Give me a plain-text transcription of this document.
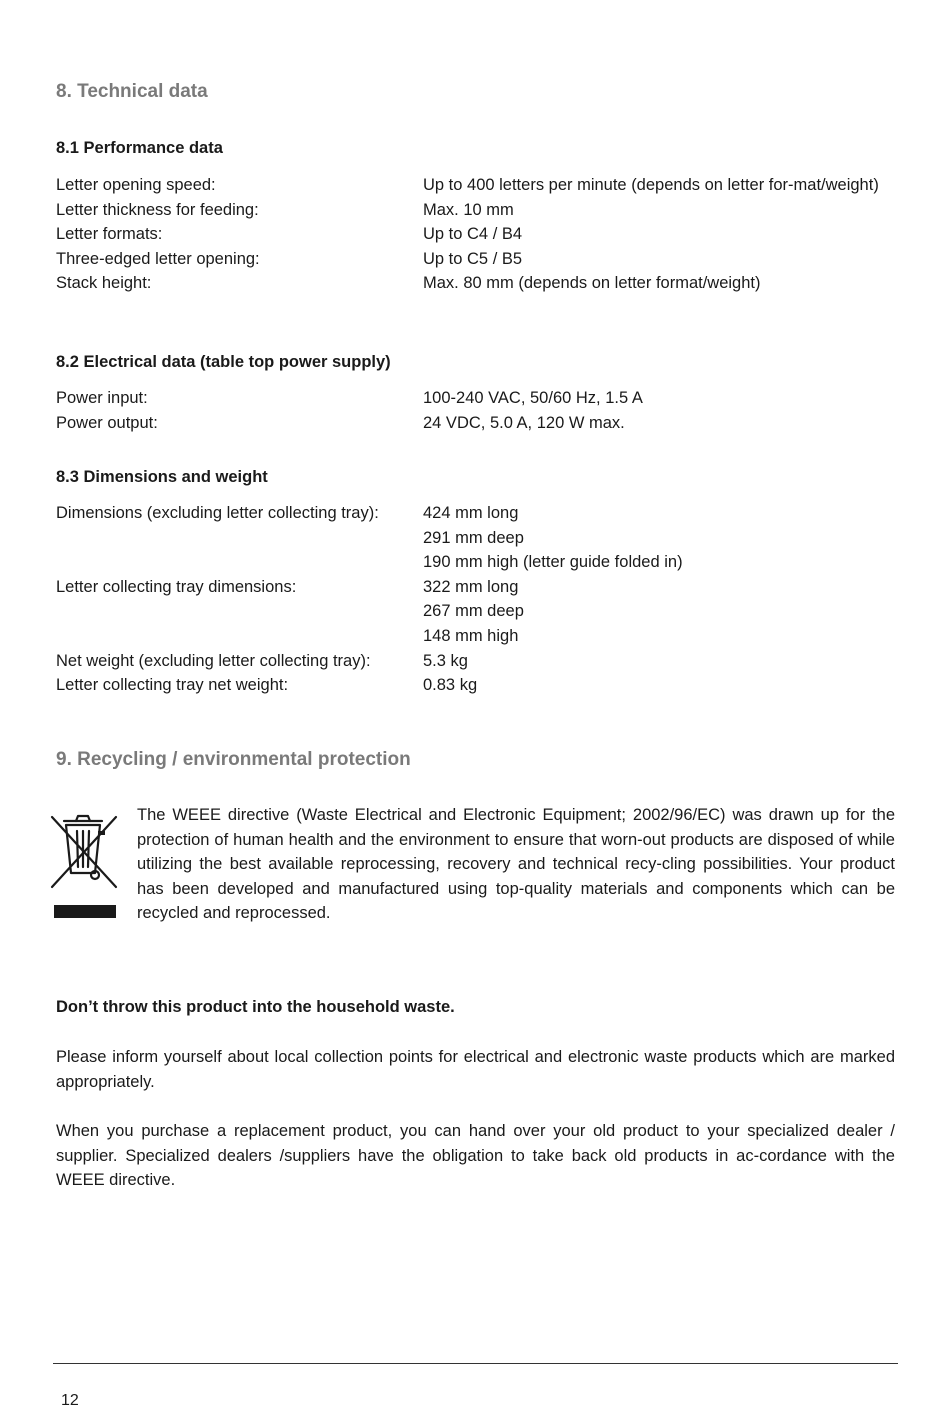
8. Technical data
8.1 Performance data
Letter opening speed:	Up to 400 letters per minute (depends on letter for-mat/weight)
Letter thickness for feeding:	Max. 10 mm
Letter formats:	Up to C4 / B4
Three-edged letter opening:	Up to C5 / B5
Stack height:	Max. 80 mm (depends on letter format/weight)
8.2 Electrical data (table top power supply)
Power input:	100-240 VAC, 50/60 Hz, 1.5 A
Power output:	24 VDC, 5.0 A, 120 W max.
8.3 Dimensions and weight
Dimensions (excluding letter collecting tray):	424 mm long
	291 mm deep
	190 mm high (letter guide folded in)
Letter collecting tray dimensions:	322 mm long
	267 mm deep
	148 mm high
Net weight (excluding letter collecting tray):	5.3 kg
Letter collecting tray net weight:	0.83 kg
9. Recycling / environmental protection

The WEEE directive (Waste Electrical and Electronic Equipment; 2002/96/EC) was drawn up for the protection of human health and the environment to ensure that worn-out products are disposed of while utilizing the best available reprocessing, recovery and technical recy-cling possibilities. Your product has been developed and manufactured using top-quality materials and components which can be recycled and reprocessed.

Don’t throw this product into the household waste.

Please inform yourself about local collection points for electrical and electronic waste products which are marked appropriately.

When you purchase a replacement product, you can hand over your old product to your specialized dealer / supplier. Specialized dealers /suppliers have the obligation to take back old products in ac-cordance with the WEEE directive.

12
